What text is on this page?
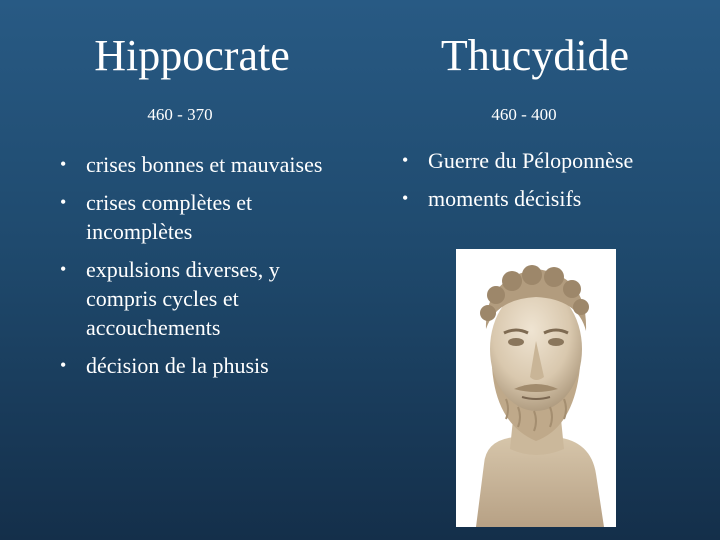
Hippocrate
460 - 370
• crises bonnes et mauvaises
• crises complètes et incomplètes
• expulsions diverses, y compris cycles et accouchements
• décision de la phusis
Thucydide
460 - 400
• Guerre du Péloponnèse
• moments décisifs
